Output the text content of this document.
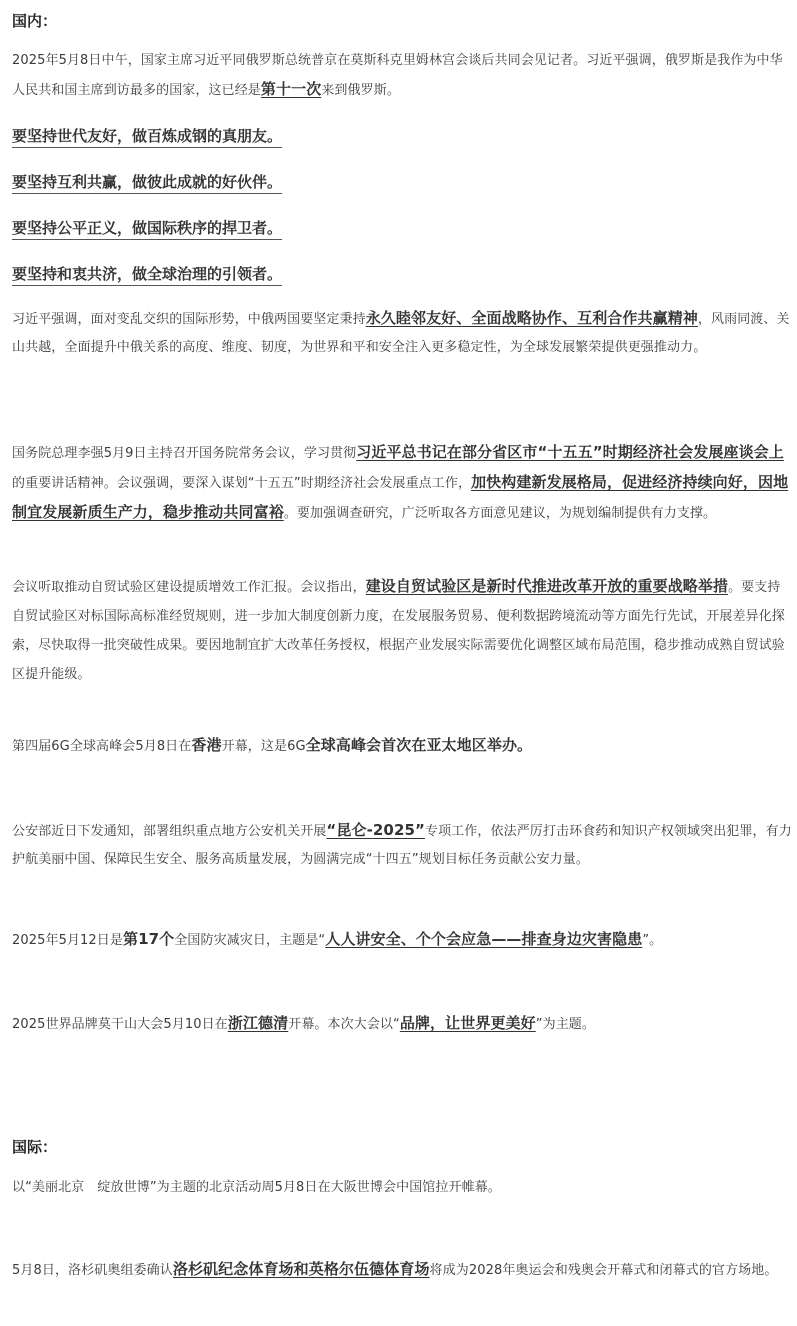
国内：

2025年5月8日中午，国家主席习近平同俄罗斯总统普京在莫斯科克里姆林宫会谈后共同会见记者。习近平强调，俄罗斯是我作为中华人民共和国主席到访最多的国家，这已经是第十一次来到俄罗斯。

要坚持世代友好，做百炼成钢的真朋友。

要坚持互利共赢，做彼此成就的好伙伴。

要坚持公平正义，做国际秩序的捍卫者。

要坚持和衷共济，做全球治理的引领者。

习近平强调，面对变乱交织的国际形势，中俄两国要坚定秉持永久睦邻友好、全面战略协作、互利合作共赢精神，风雨同渡、关山共越，全面提升中俄关系的高度、维度、韧度，为世界和平和安全注入更多稳定性，为全球发展繁荣提供更强推动力。

国务院总理李强5月9日主持召开国务院常务会议，学习贯彻习近平总书记在部分省区市“十五五”时期经济社会发展座谈会上的重要讲话精神。会议强调，要深入谋划“十五五”时期经济社会发展重点工作，加快构建新发展格局，促进经济持续向好，因地制宜发展新质生产力，稳步推动共同富裕。要加强调查研究，广泛听取各方面意见建议，为规划编制提供有力支撑。

会议听取推动自贸试验区建设提质增效工作汇报。会议指出，建设自贸试验区是新时代推进改革开放的重要战略举措。要支持自贸试验区对标国际高标准经贸规则，进一步加大制度创新力度，在发展服务贸易、便利数据跨境流动等方面先行先试，开展差异化探索，尽快取得一批突破性成果。要因地制宜扩大改革任务授权，根据产业发展实际需要优化调整区域布局范围，稳步推动成熟自贸试验区提升能级。

第四届6G全球高峰会5月8日在香港开幕，这是6G全球高峰会首次在亚太地区举办。

公安部近日下发通知，部署组织重点地方公安机关开展“昆仑-2025”专项工作，依法严厉打击环食药和知识产权领域突出犯罪，有力护航美丽中国、保障民生安全、服务高质量发展，为圆满完成“十四五”规划目标任务贡献公安力量。

2025年5月12日是第17个全国防灾减灾日，主题是“人人讲安全、个个会应急——排查身边灾害隐患”。

2025世界品牌莫干山大会5月10日在浙江德清开幕。本次大会以“品牌，让世界更美好”为主题。

国际：

以“美丽北京　绽放世博”为主题的北京活动周5月8日在大阪世博会中国馆拉开帷幕。

5月8日，洛杉矶奥组委确认洛杉矶纪念体育场和英格尔伍德体育场将成为2028年奥运会和残奥会开幕式和闭幕式的官方场地。
